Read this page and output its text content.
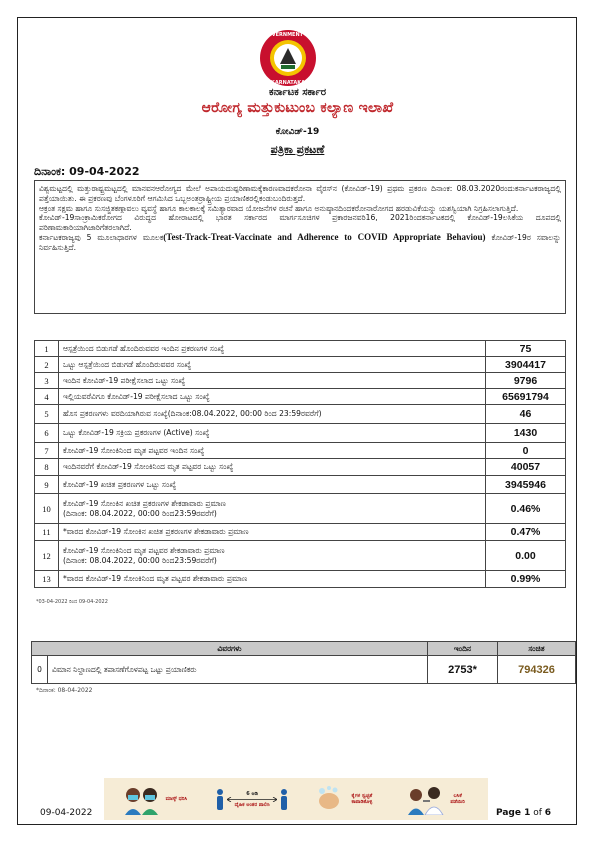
GOVERNMENT OF
KARNATAKA
ಕರ್ನಾಟಕ ಸರ್ಕಾರ
ಆರೋಗ್ಯ ಮತ್ತುಕುಟುಂಬ ಕಲ್ಯಾಣ ಇಲಾಖೆ
ಕೋವಿಡ್-19
ಪತ್ರಿಕಾ ಪ್ರಕಟಣೆ
ದಿನಾಂಕ: 09-04-2022

ವಿಶ್ವಮಟ್ಟದಲ್ಲಿ ಮತ್ತುರಾಷ್ಟ್ರಮಟ್ಟದಲ್ಲಿ ಮಾನವನಆರೋಗ್ಯದ ಮೇಲೆ ಅಪಾಯದುಷ್ಪರಿಣಾಮಕ್ಕೆಕಾರಣವಾದಕರೋನಾ ವೈರಸ್‌ನ (ಕೋವಿಡ್-19) ಪ್ರಥಮ ಪ್ರಕರಣ ದಿನಾಂಕ: 08.03.2020ರಂದುಕರ್ನಾಟಕರಾಜ್ಯದಲ್ಲಿ ಪತ್ತೆಯಾಯಿತು. ಈ ಪ್ರಕರಣವು ಬೆಂಗಳೂರಿಗೆ ಆಗಮಿಸಿದ ಒಬ್ಬಅಂತರ್ರಾಷ್ಟ್ರೀಯ ಪ್ರಯಾಣಿಕರಲ್ಲಿಕಂಡುಬಂದಿರುತ್ತದೆ.

ಆಕ್ರಂತ ಸಕ್ಷಮ ಹಾಗೂ ಸುಸಜ್ಜಿತಕಣ್ಗಾವಲು ವ್ಯವಸ್ಥೆ ಹಾಗೂ ಕಾಲಕಾಲಕ್ಕೆ ಸಮಿತ್ಯಾರವಾದ ಯೋಜನೆಗಳ ರಚನೆ ಹಾಗೂ ಅನುಷ್ಠಾನದಿಂದಕರೋನಾರೋಗದ ಹರಡುವಿಕೆಯನ್ನು ಯಶಸ್ವಿಯಾಗಿ ನಿಗ್ರಹಿಸಲಾಗುತ್ತಿದೆ.

ಕೋವಿಡ್-19ಸಾಂಕ್ರಾಮಿಕರೋಗದ ವಿರುದ್ಧದ ಹೋರಾಟದಲ್ಲಿ ಭಾರತ ಸರ್ಕಾರದ ಮಾರ್ಗಸೂಚಿಗಳ ಪ್ರಕಾರಜನವರಿ16, 2021ರಿಂದಕರ್ನಾಟಕದಲ್ಲಿ ಕೋವಿಡ್-19ಲಸಿಕೆಯ ದೂಪದಲ್ಲಿ ಪರಿಣಾಮಕಾರಿಯಾಗಿಜಾರಿಗೆತರಲಾಗಿದೆ.

ಕರ್ನಾಟಕರಾಜ್ಯವು 5 ಮೂಲಾಧಾರಗಳ ಮೂಲಕ(Test-Track-Treat-Vaccinate and Adherence to COVID Appropriate Behaviou) ಕೋವಿಡ್-19ರ ಸವಾಲನ್ನು ನಿರ್ವಹಿಸುತ್ತಿದೆ.

1	ಆಸ್ಪತ್ರೆಯಿಂದ ಬಿಡುಗಡೆ ಹೊಂದಿರುವವರ ಇಂದಿನ ಪ್ರಕರಣಗಳ ಸಂಖ್ಯೆ	75
2	ಒಟ್ಟು ಆಸ್ಪತ್ರೆಯಿಂದ ಬಿಡುಗಡೆ ಹೊಂದಿರುವವರ ಸಂಖ್ಯೆ	3904417
3	ಇಂದಿನ ಕೋವಿಡ್-19 ಪರೀಕ್ಷೆಸಲಾದ ಒಟ್ಟು ಸಂಖ್ಯೆ	9796
4	ಇಲ್ಲಿಯವರೆವಿಗೂ ಕೋವಿಡ್-19 ಪರೀಕ್ಷೆಸಲಾದ ಒಟ್ಟು ಸಂಖ್ಯೆ	65691794
5	ಹೊಸ ಪ್ರಕರಣಗಳು ವರದಿಯಾಗಿರುವ ಸಂಖ್ಯೆ(ದಿನಾಂಕ:08.04.2022, 00:00 ರಿಂದ 23:59ರವರೆಗೆ)	46
6	ಒಟ್ಟು ಕೋವಿಡ್-19 ಸಕ್ರಿಯ ಪ್ರಕರಣಗಳ (Active) ಸಂಖ್ಯೆ	1430
7	ಕೋವಿಡ್-19 ಸೋಂಕಿನಿಂದ ಮೃತ ಪಟ್ಟವರ ಇಂದಿನ ಸಂಖ್ಯೆ	0
8	ಇಂದಿನವರೆಗೆ ಕೋವಿಡ್-19 ಸೋಂಕಿನಿಂದ ಮೃತ ಪಟ್ಟವರ ಒಟ್ಟು ಸಂಖ್ಯೆ	40057
9	ಕೋವಿಡ್-19 ಖಚಿತ ಪ್ರಕರಣಗಳ ಒಟ್ಟು ಸಂಖ್ಯೆ	3945946
10	ಕೋವಿಡ್-19 ಸೋಂಕಿನ ಖಚಿತ ಪ್ರಕರಣಗಳ ಶೇಕಡಾವಾರು ಪ್ರಮಾಣ
(ದಿನಾಂಕ: 08.04.2022, 00:00 ರಿಂದ23:59ರವರೆಗೆ)	0.46%
11	*ವಾರದ ಕೋವಿಡ್-19 ಸೋಂಕಿನ ಖಚಿತ ಪ್ರಕರಣಗಳ ಶೇಕಡಾವಾರು ಪ್ರಮಾಣ	0.47%
12	ಕೋವಿಡ್-19 ಸೋಂಕಿನಿಂದ ಮೃತ ಪಟ್ಟವರ ಶೇಕಡಾವಾರು ಪ್ರಮಾಣ
(ದಿನಾಂಕ: 08.04.2022, 00:00 ರಿಂದ23:59ರವರೆಗೆ)	0.00
13	*ವಾರದ ಕೋವಿಡ್-19 ಸೋಂಕಿನಿಂದ ಮೃತ ಪಟ್ಟವರ ಶೇಕಡಾವಾರು ಪ್ರಮಾಣ	0.99%
*03-04-2022 ರಿಂದ 09-04-2022
ವಿವರಗಳು		ಇಂದಿನ	ಸಂಚಿತ
0	ವಿಮಾನ ನಿಲ್ದಾಣದಲ್ಲಿ ತಪಾಸಣೆಗೊಳಪಟ್ಟ ಒಟ್ಟು ಪ್ರಯಾಣಿಕರು	2753*	794326
*ದಿನಾಂಕ: 08-04-2022
ಮಾಸ್ಕ್ ಧರಿಸಿ
6 ಅಡಿ
ದೈಹಿಕ ಅಂತರ ಪಾಲಿಸಿ
ಕೈಗಳ ಸ್ವಚ್ಛತೆ ಕಾಪಾಡಿಕೊಳ್ಳಿ
ಲಸಿಕೆ ಪಡೆಯಿರಿ
09-04-2022	Page 1 of 6
